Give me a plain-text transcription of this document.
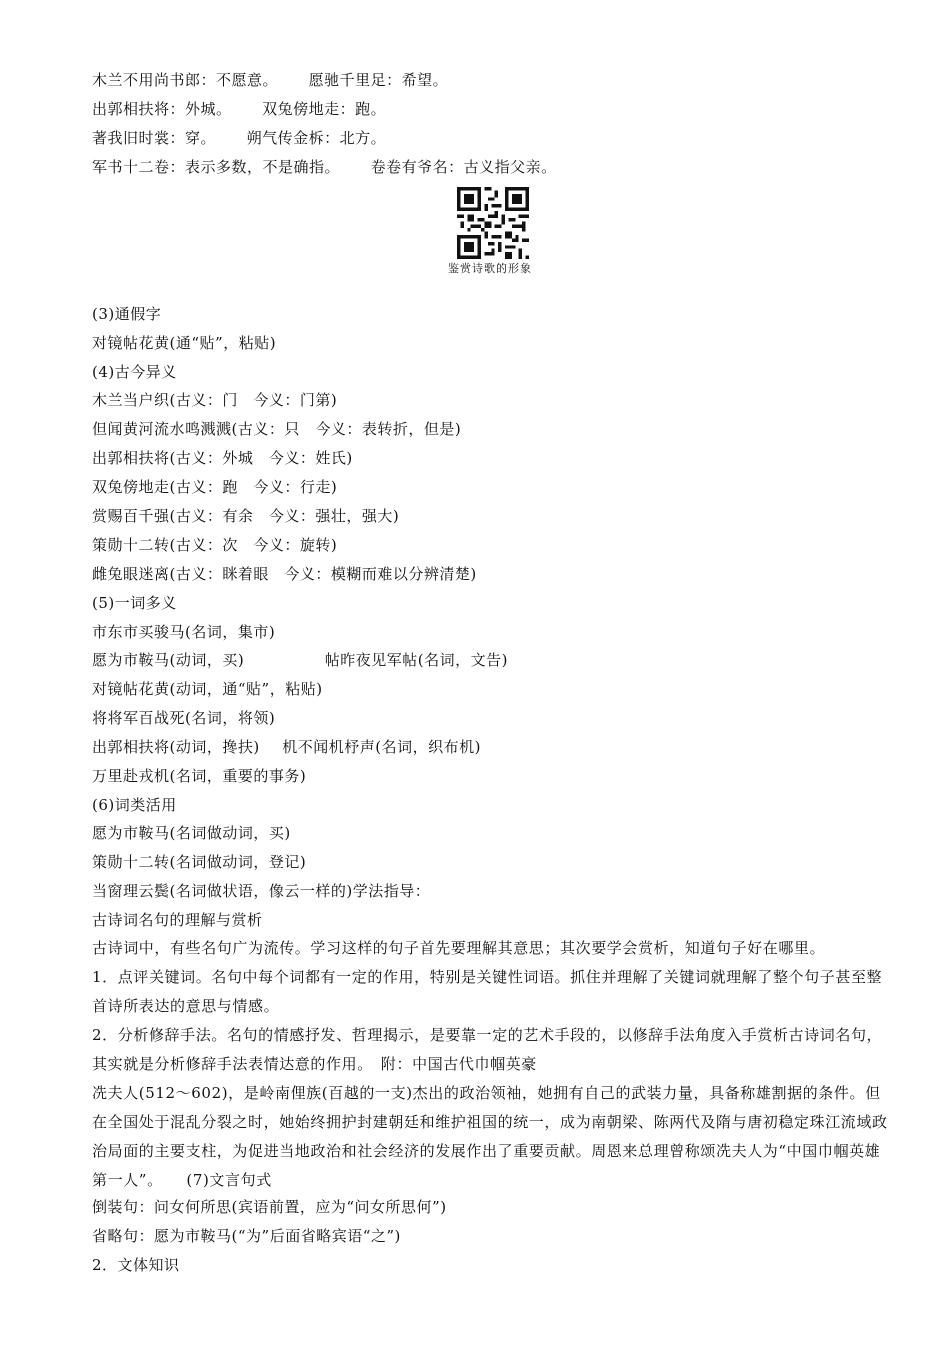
木兰不用尚书郎：不愿意。 愿驰千里足：希望。
出郭相扶将：外城。 双兔傍地走：跑。
著我旧时裳：穿。 朔气传金柝：北方。
军书十二卷：表示多数，不是确指。 卷卷有爷名：古义指父亲。
鉴赏诗歌的形象
(3)通假字
对镜帖花黄(通“贴”，粘贴)
(4)古今异义
木兰当户织(古义：门　今义：门第)
但闻黄河流水鸣溅溅(古义：只　今义：表转折，但是)
出郭相扶将(古义：外城　今义：姓氏)
双兔傍地走(古义：跑　今义：行走)
赏赐百千强(古义：有余　今义：强壮，强大)
策勋十二转(古义：次　今义：旋转)
雌兔眼迷离(古义：眯着眼　今义：模糊而难以分辨清楚)
(5)一词多义
市东市买骏马(名词，集市)
愿为市鞍马(动词，买)	帖昨夜见军帖(名词，文告)
对镜帖花黄(动词，通“贴”，粘贴)
将将军百战死(名词，将领)
出郭相扶将(动词，搀扶) 机不闻机杼声(名词，织布机)
万里赴戎机(名词，重要的事务)
(6)词类活用
愿为市鞍马(名词做动词，买)
策勋十二转(名词做动词，登记)
当窗理云鬓(名词做状语，像云一样的)学法指导：
古诗词名句的理解与赏析
古诗词中，有些名句广为流传。学习这样的句子首先要理解其意思；其次要学会赏析，知道句子好在哪里。
1．点评关键词。名句中每个词都有一定的作用，特别是关键性词语。抓住并理解了关键词就理解了整个句子甚至整首诗所表达的意思与情感。
2．分析修辞手法。名句的情感抒发、哲理揭示，是要靠一定的艺术手段的，以修辞手法角度入手赏析古诗词名句，其实就是分析修辞手法表情达意的作用。　附：中国古代巾帼英豪
冼夫人(512～602)，是岭南俚族(百越的一支)杰出的政治领袖，她拥有自己的武装力量，具备称雄割据的条件。但在全国处于混乱分裂之时，她始终拥护封建朝廷和维护祖国的统一，成为南朝梁、陈两代及隋与唐初稳定珠江流域政治局面的主要支柱，为促进当地政治和社会经济的发展作出了重要贡献。周恩来总理曾称颂冼夫人为“中国巾帼英雄第一人”。　　(7)文言句式
倒装句：问女何所思(宾语前置，应为“问女所思何”)
省略句：愿为市鞍马(“为”后面省略宾语“之”)
2．文体知识
